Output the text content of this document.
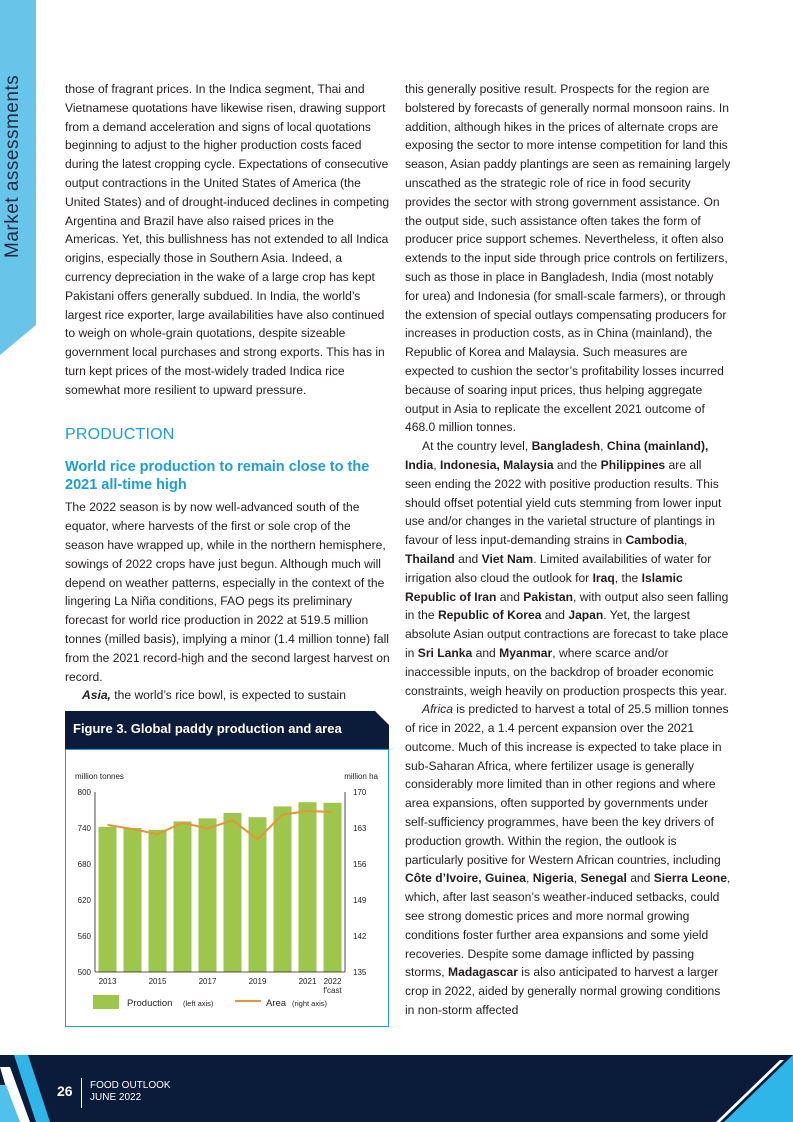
those of fragrant prices. In the Indica segment, Thai and Vietnamese quotations have likewise risen, drawing support from a demand acceleration and signs of local quotations beginning to adjust to the higher production costs faced during the latest cropping cycle. Expectations of consecutive output contractions in the United States of America (the United States) and of drought-induced declines in competing Argentina and Brazil have also raised prices in the Americas. Yet, this bullishness has not extended to all Indica origins, especially those in Southern Asia. Indeed, a currency depreciation in the wake of a large crop has kept Pakistani offers generally subdued. In India, the world’s largest rice exporter, large availabilities have also continued to weigh on whole-grain quotations, despite sizeable government local purchases and strong exports. This has in turn kept prices of the most-widely traded Indica rice somewhat more resilient to upward pressure.

PRODUCTION
World rice production to remain close to the 2021 all-time high

The 2022 season is by now well-advanced south of the equator, where harvests of the first or sole crop of the season have wrapped up, while in the northern hemisphere, sowings of 2022 crops have just begun. Although much will depend on weather patterns, especially in the context of the lingering La Niña conditions, FAO pegs its preliminary forecast for world rice production in 2022 at 519.5 million tonnes (milled basis), implying a minor (1.4 million tonne) fall from the 2021 record-high and the second largest harvest on record.

Asia, the world’s rice bowl, is expected to sustain

Figure 3. Global paddy production and area
million tonnes	million ha
800	170
740	163
680	156
620	149
560	142
500	135
2013	2015	2017	2019	2021 2022
f'cast
Production (left axis)	Area (right axis)

this generally positive result. Prospects for the region are bolstered by forecasts of generally normal monsoon rains. In addition, although hikes in the prices of alternate crops are exposing the sector to more intense competition for land this season, Asian paddy plantings are seen as remaining largely unscathed as the strategic role of rice in food security provides the sector with strong government assistance. On the output side, such assistance often takes the form of producer price support schemes. Nevertheless, it often also extends to the input side through price controls on fertilizers, such as those in place in Bangladesh, India (most notably for urea) and Indonesia (for small-scale farmers), or through the extension of special outlays compensating producers for increases in production costs, as in China (mainland), the Republic of Korea and Malaysia. Such measures are expected to cushion the sector’s profitability losses incurred because of soaring input prices, thus helping aggregate output in Asia to replicate the excellent 2021 outcome of 468.0 million tonnes.

At the country level, Bangladesh, China (mainland), India, Indonesia, Malaysia and the Philippines are all seen ending the 2022 with positive production results. This should offset potential yield cuts stemming from lower input use and/or changes in the varietal structure of plantings in favour of less input-demanding strains in Cambodia, Thailand and Viet Nam. Limited availabilities of water for irrigation also cloud the outlook for Iraq, the Islamic Republic of Iran and Pakistan, with output also seen falling in the Republic of Korea and Japan. Yet, the largest absolute Asian output contractions are forecast to take place in Sri Lanka and Myanmar, where scarce and/or inaccessible inputs, on the backdrop of broader economic constraints, weigh heavily on production prospects this year.

Africa is predicted to harvest a total of 25.5 million tonnes of rice in 2022, a 1.4 percent expansion over the 2021 outcome. Much of this increase is expected to take place in sub-Saharan Africa, where fertilizer usage is generally considerably more limited than in other regions and where area expansions, often supported by governments under self-sufficiency programmes, have been the key drivers of production growth. Within the region, the outlook is particularly positive for Western African countries, including Côte d’Ivoire, Guinea, Nigeria, Senegal and Sierra Leone, which, after last season’s weather-induced setbacks, could see strong domestic prices and more normal growing conditions foster further area expansions and some yield recoveries. Despite some damage inflicted by passing storms, Madagascar is also anticipated to harvest a larger crop in 2022, aided by generally normal growing conditions in non-storm affected

26 FOOD OUTLOOK
JUNE 2022
